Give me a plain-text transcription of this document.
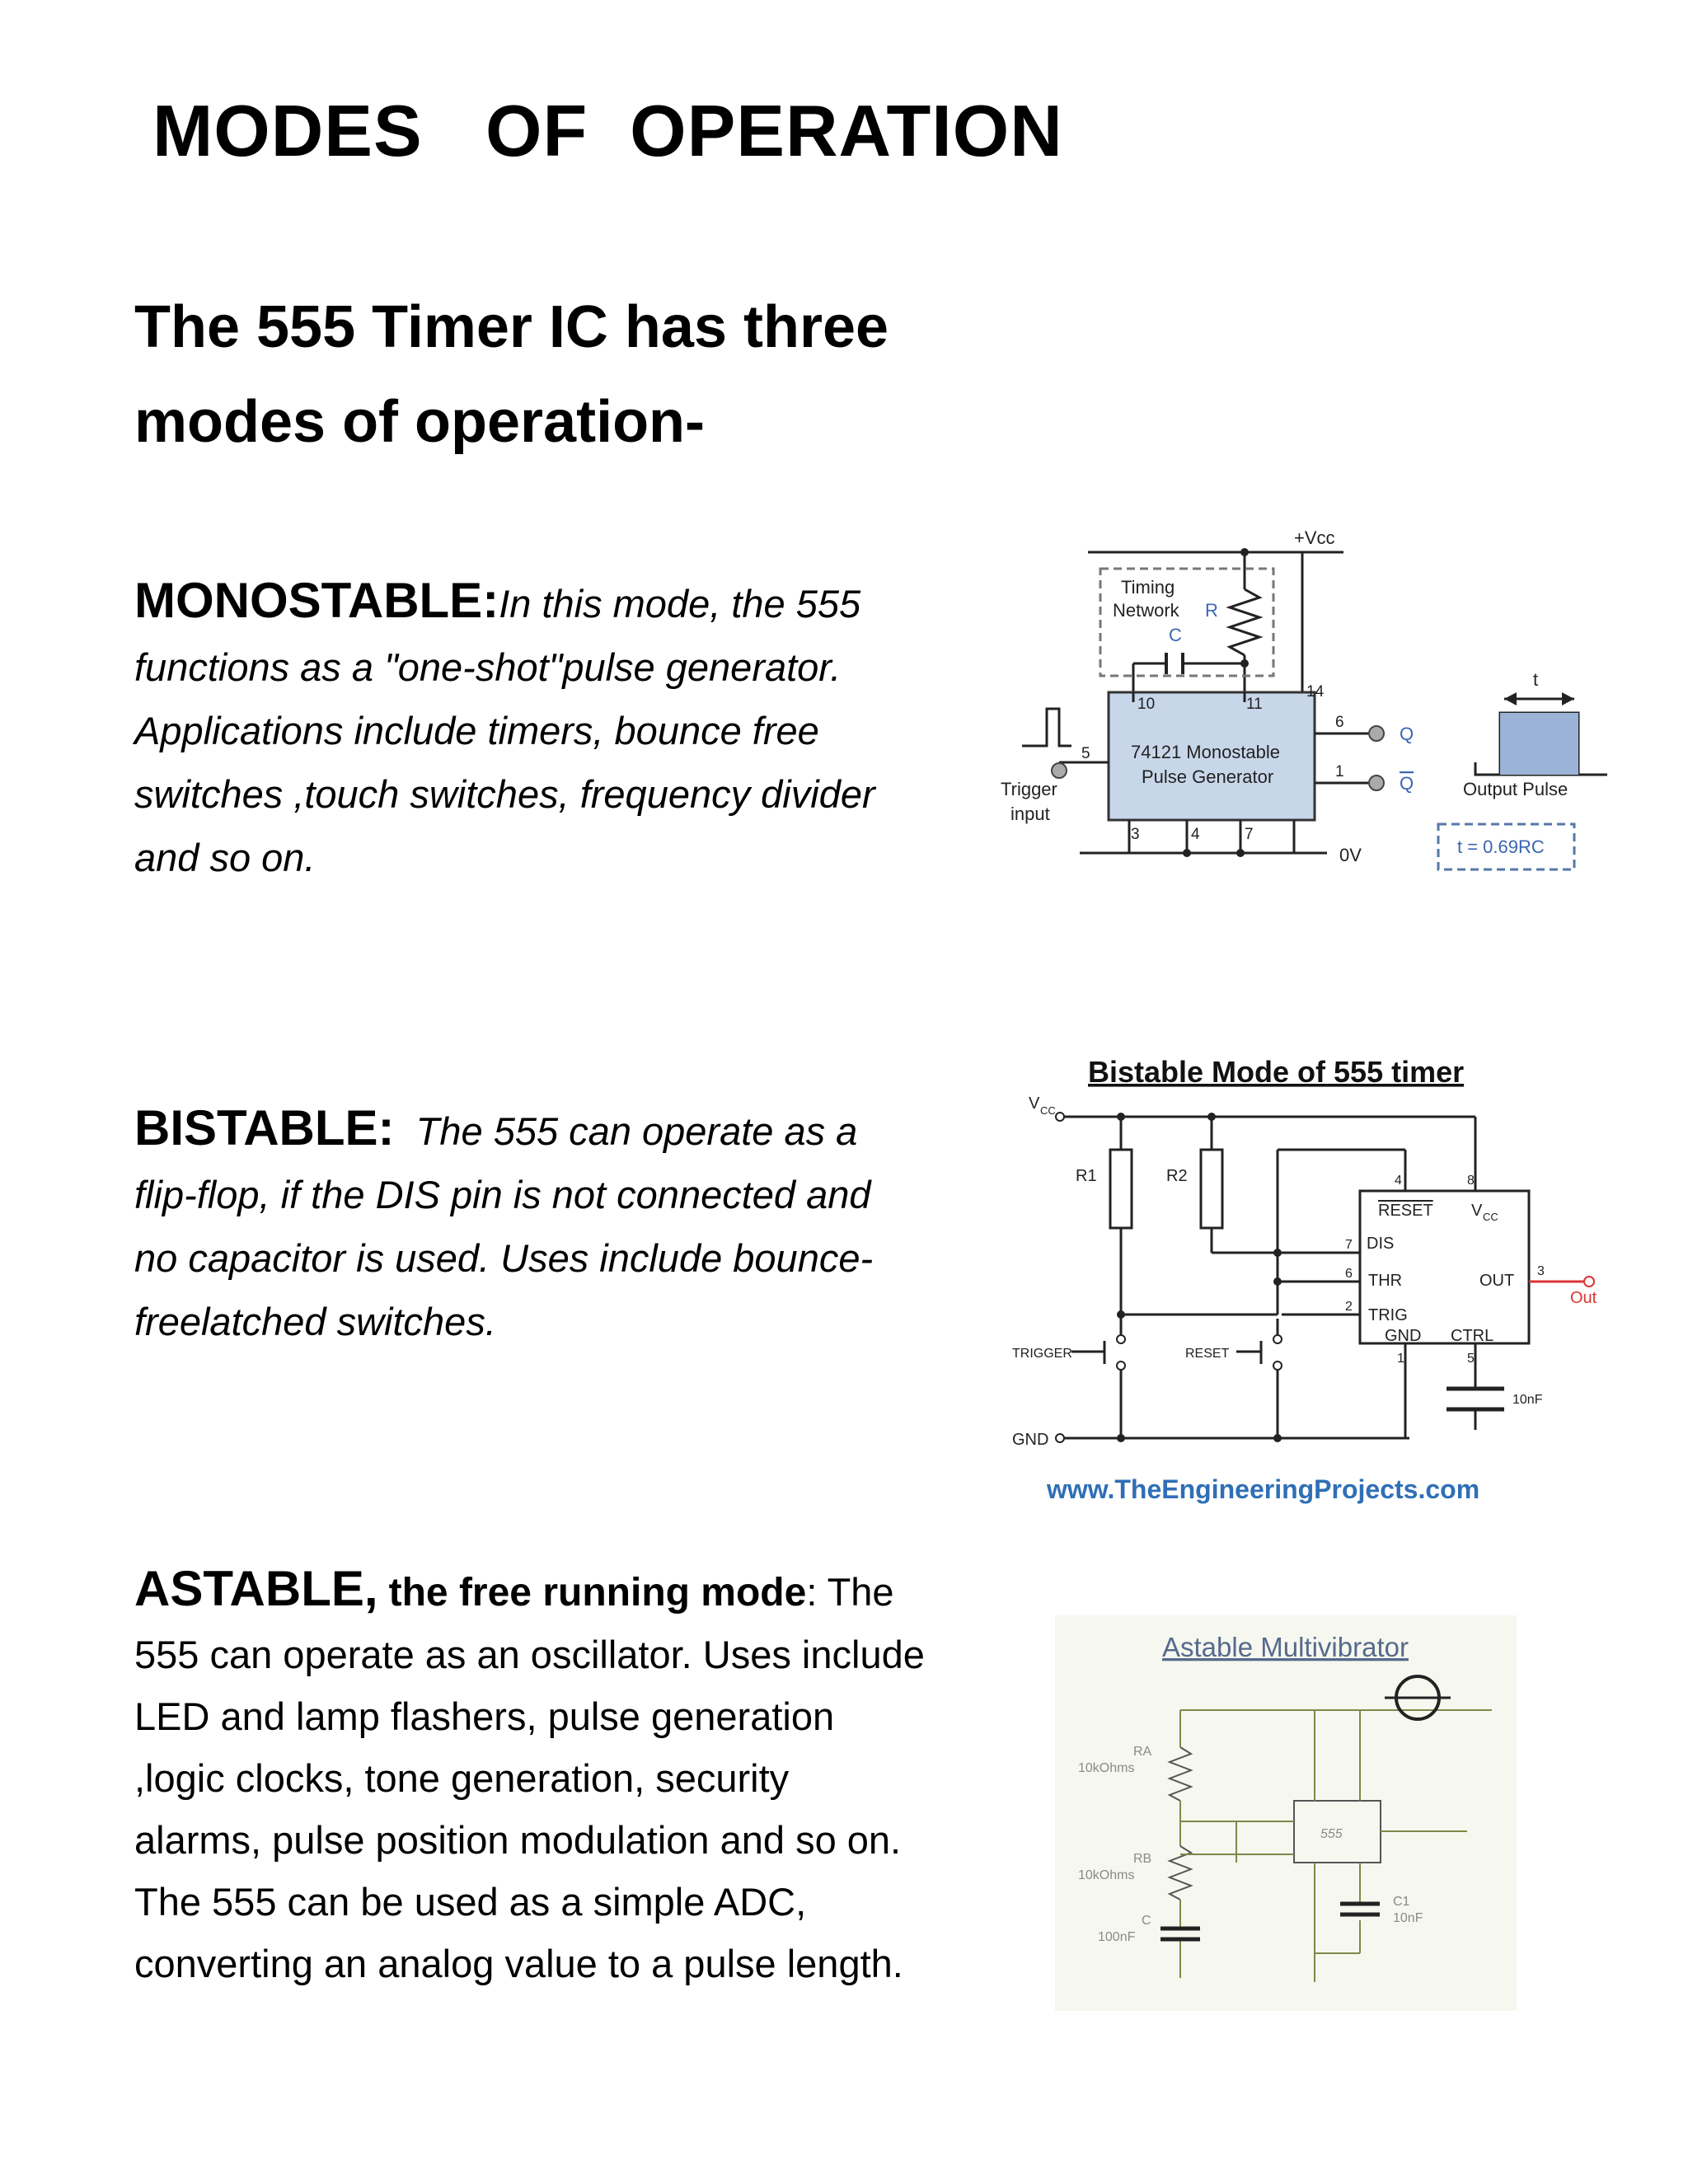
MODES   OF  OPERATION
The 555 Timer IC has three
modes of operation-
MONOSTABLE:In this mode, the 555 functions as a "one-shot"pulse generator. Applications include timers, bounce free switches ,touch switches, frequency divider and so on.
BISTABLE: The 555 can operate as a flip-flop, if the DIS pin is not connected and no capacitor is used. Uses include bounce-freelatched switches.
ASTABLE, the free running mode: The 555 can operate as an oscillator. Uses include LED and lamp flashers, pulse generation ,logic clocks, tone generation, security alarms, pulse position modulation and so on. The 555 can be used as a simple ADC, converting an analog value to a pulse length.
+Vcc
Timing
Network R
C
10	11
14
5
6
1
3	4	7
74121 Monostable
Pulse Generator
Trigger
input
Q
Q
0V
t
Output Pulse
t = 0.69RC
Bistable Mode of 555 timer
V CC
R1	R2	4	8
7
6
2
3
1	5
RESET V CC
DIS
THR	OUT
TRIG
GND CTRL
Out
10nF
TRIGGER	RESET
GND
www.TheEngineeringProjects.com
Astable Multivibrator
RA
10kOhms
RB
10kOhms
C
100nF
555
C1
10nF
